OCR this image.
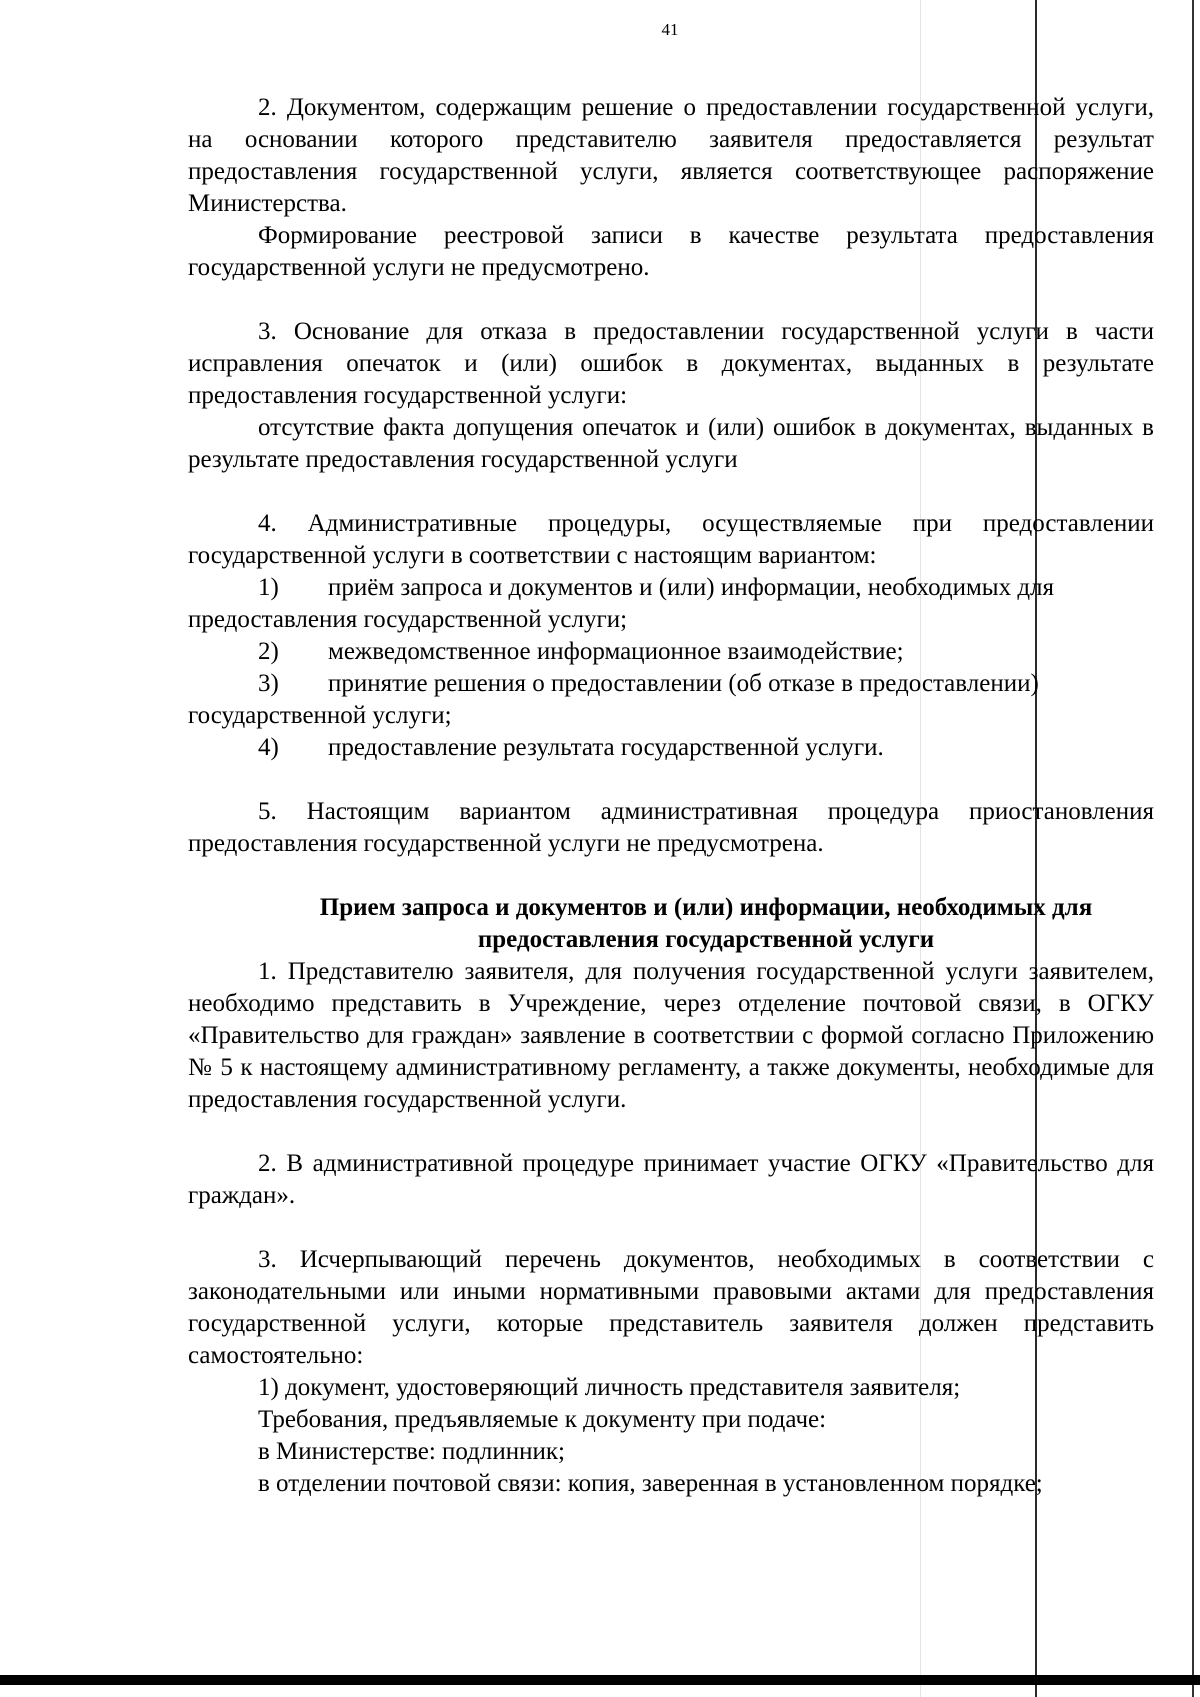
41

2. Документом, содержащим решение о предоставлении государственной услуги, на основании которого представителю заявителя предоставляется результат предоставления государственной услуги, является соответствующее распоряжение Министерства.

Формирование реестровой записи в качестве результата предоставления государственной услуги не предусмотрено.

3. Основание для отказа в предоставлении государственной услуги в части исправления опечаток и (или) ошибок в документах, выданных в результате предоставления государственной услуги:

отсутствие факта допущения опечаток и (или) ошибок в документах, выданных в результате предоставления государственной услуги

4. Административные процедуры, осуществляемые при предоставлении государственной услуги в соответствии с настоящим вариантом:

1) приём запроса и документов и (или) информации, необходимых для

предоставления государственной услуги;

2) межведомственное информационное взаимодействие;

3) принятие решения о предоставлении (об отказе в предоставлении)

государственной услуги;

4) предоставление результата государственной услуги.

5. Настоящим вариантом административная процедура приостановления предоставления государственной услуги не предусмотрена.

Прием запроса и документов и (или) информации, необходимых для

предоставления государственной услуги

1. Представителю заявителя, для получения государственной услуги заявителем, необходимо представить в Учреждение, через отделение почтовой связи, в ОГКУ «Правительство для граждан» заявление в соответствии с формой согласно Приложению № 5 к настоящему административному регламенту, а также документы, необходимые для предоставления государственной услуги.

2. В административной процедуре принимает участие ОГКУ «Правительство для граждан».

3. Исчерпывающий перечень документов, необходимых в соответствии с законодательными или иными нормативными правовыми актами для предоставления государственной услуги, которые представитель заявителя должен представить самостоятельно:

1) документ, удостоверяющий личность представителя заявителя;

Требования, предъявляемые к документу при подаче:

в Министерстве: подлинник;

в отделении почтовой связи: копия, заверенная в установленном порядке;
